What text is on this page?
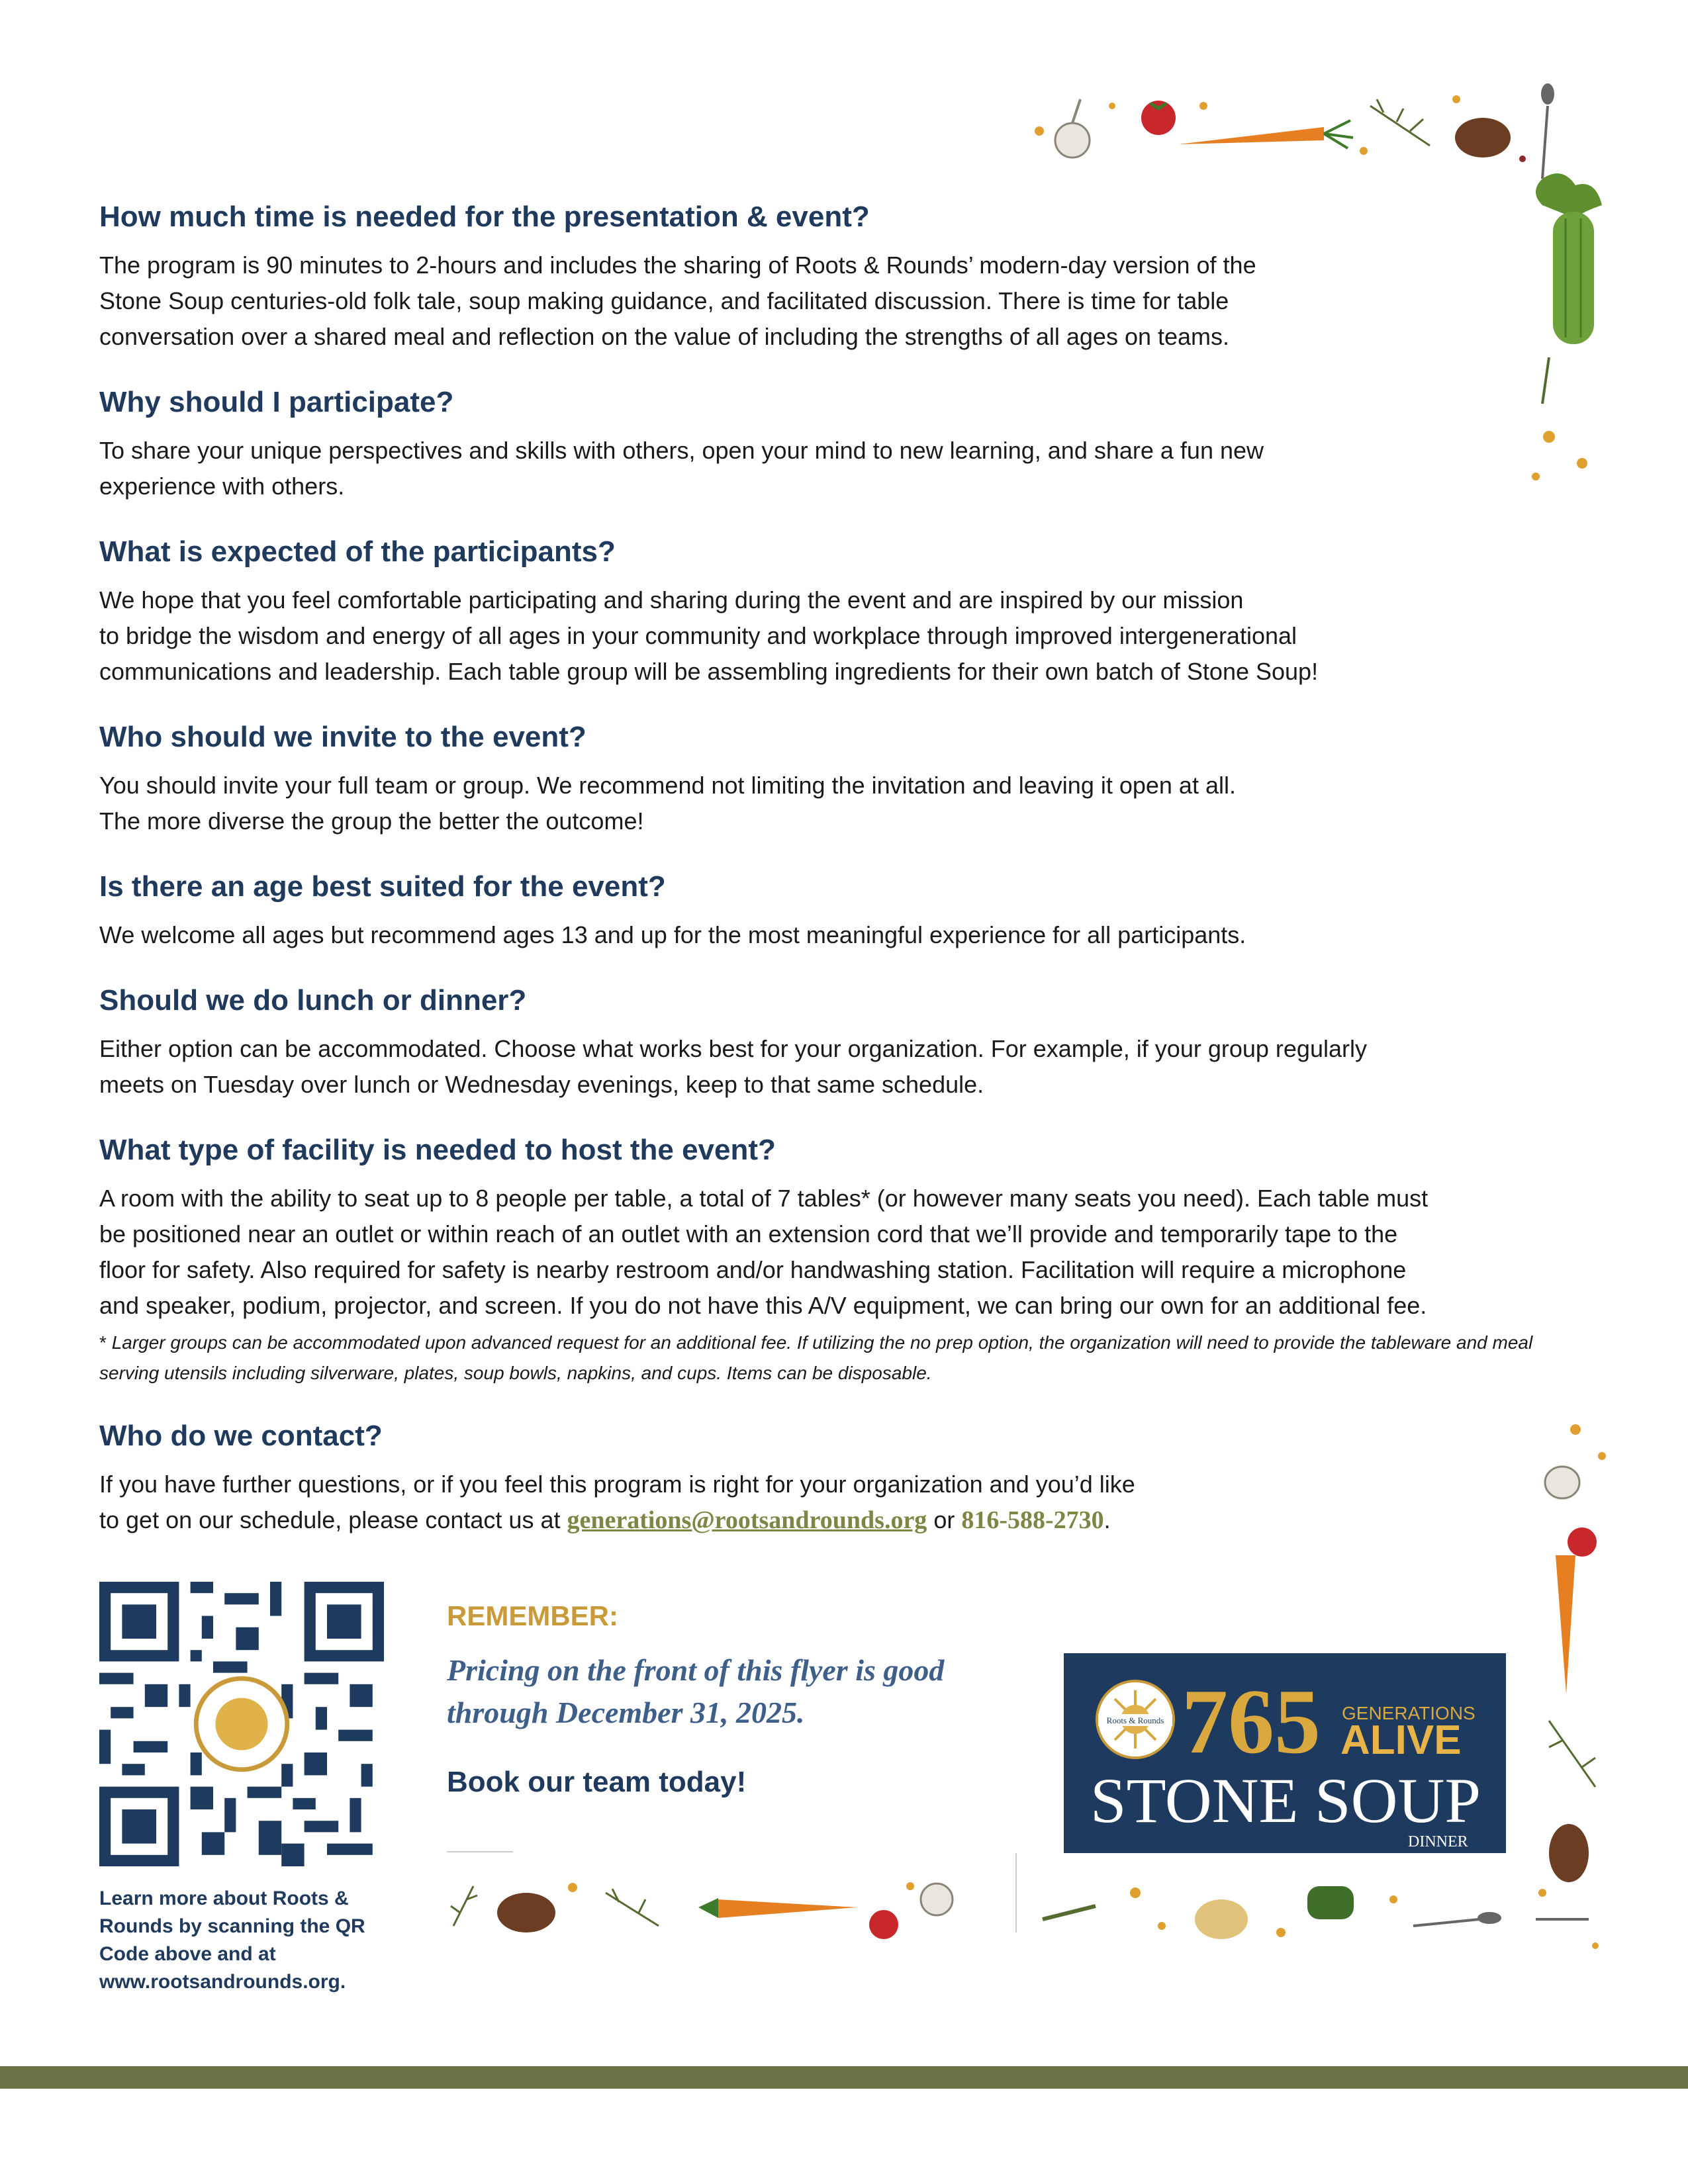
How much time is needed for the presentation & event?

The program is 90 minutes to 2-hours and includes the sharing of Roots & Rounds’ modern-day version of the
Stone Soup centuries-old folk tale, soup making guidance, and facilitated discussion. There is time for table
conversation over a shared meal and reflection on the value of including the strengths of all ages on teams.

Why should I participate?

To share your unique perspectives and skills with others, open your mind to new learning, and share a fun new
experience with others.

What is expected of the participants?

We hope that you feel comfortable participating and sharing during the event and are inspired by our mission
to bridge the wisdom and energy of all ages in your community and workplace through improved intergenerational
communications and leadership. Each table group will be assembling ingredients for their own batch of Stone Soup!

Who should we invite to the event?

You should invite your full team or group. We recommend not limiting the invitation and leaving it open at all.
The more diverse the group the better the outcome!

Is there an age best suited for the event?

We welcome all ages but recommend ages 13 and up for the most meaningful experience for all participants.

Should we do lunch or dinner?

Either option can be accommodated. Choose what works best for your organization. For example, if your group regularly
meets on Tuesday over lunch or Wednesday evenings, keep to that same schedule.

What type of facility is needed to host the event?

A room with the ability to seat up to 8 people per table, a total of 7 tables* (or however many seats you need). Each table must
be positioned near an outlet or within reach of an outlet with an extension cord that we’ll provide and temporarily tape to the
floor for safety. Also required for safety is nearby restroom and/or handwashing station. Facilitation will require a microphone
and speaker, podium, projector, and screen. If you do not have this A/V equipment, we can bring our own for an additional fee.

* Larger groups can be accommodated upon advanced request for an additional fee. If utilizing the no prep option, the organization will need to provide the tableware and meal serving utensils including silverware, plates, soup bowls, napkins, and cups. Items can be disposable.

Who do we contact?

If you have further questions, or if you feel this program is right for your organization and you’d like
to get on our schedule, please contact us at generations@rootsandrounds.org or 816-588-2730.

Learn more about Roots &
Rounds by scanning the QR
Code above and at
www.rootsandrounds.org.
REMEMBER:
Pricing on the front of this flyer is good
through December 31, 2025.
Book our team today!
Roots & Rounds 765 GENERATIONS
ALIVE
STONE SOUP
DINNER
